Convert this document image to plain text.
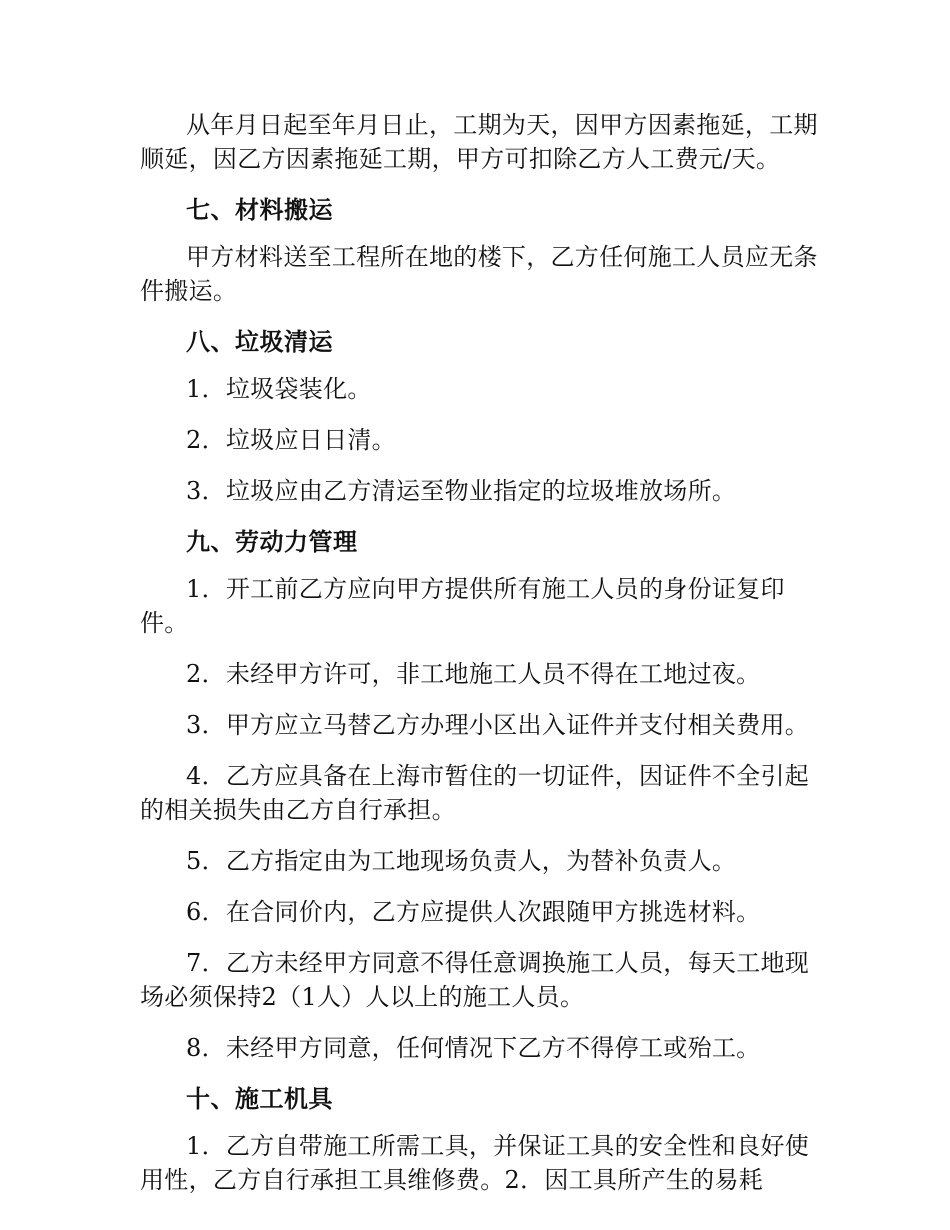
从年月日起至年月日止，工期为天，因甲方因素拖延，工期顺延，因乙方因素拖延工期，甲方可扣除乙方人工费元/天。

七、材料搬运

甲方材料送至工程所在地的楼下，乙方任何施工人员应无条件搬运。

八、垃圾清运

1．垃圾袋装化。

2．垃圾应日日清。

3．垃圾应由乙方清运至物业指定的垃圾堆放场所。

九、劳动力管理

1．开工前乙方应向甲方提供所有施工人员的身份证复印件。

2．未经甲方许可，非工地施工人员不得在工地过夜。

3．甲方应立马替乙方办理小区出入证件并支付相关费用。

4．乙方应具备在上海市暂住的一切证件，因证件不全引起的相关损失由乙方自行承担。

5．乙方指定由为工地现场负责人，为替补负责人。

6．在合同价内，乙方应提供人次跟随甲方挑选材料。

7．乙方未经甲方同意不得任意调换施工人员，每天工地现场必须保持2（1人）人以上的施工人员。

8．未经甲方同意，任何情况下乙方不得停工或殆工。

十、施工机具

1．乙方自带施工所需工具，并保证工具的安全性和良好使用性，乙方自行承担工具维修费。2．因工具所产生的易耗
